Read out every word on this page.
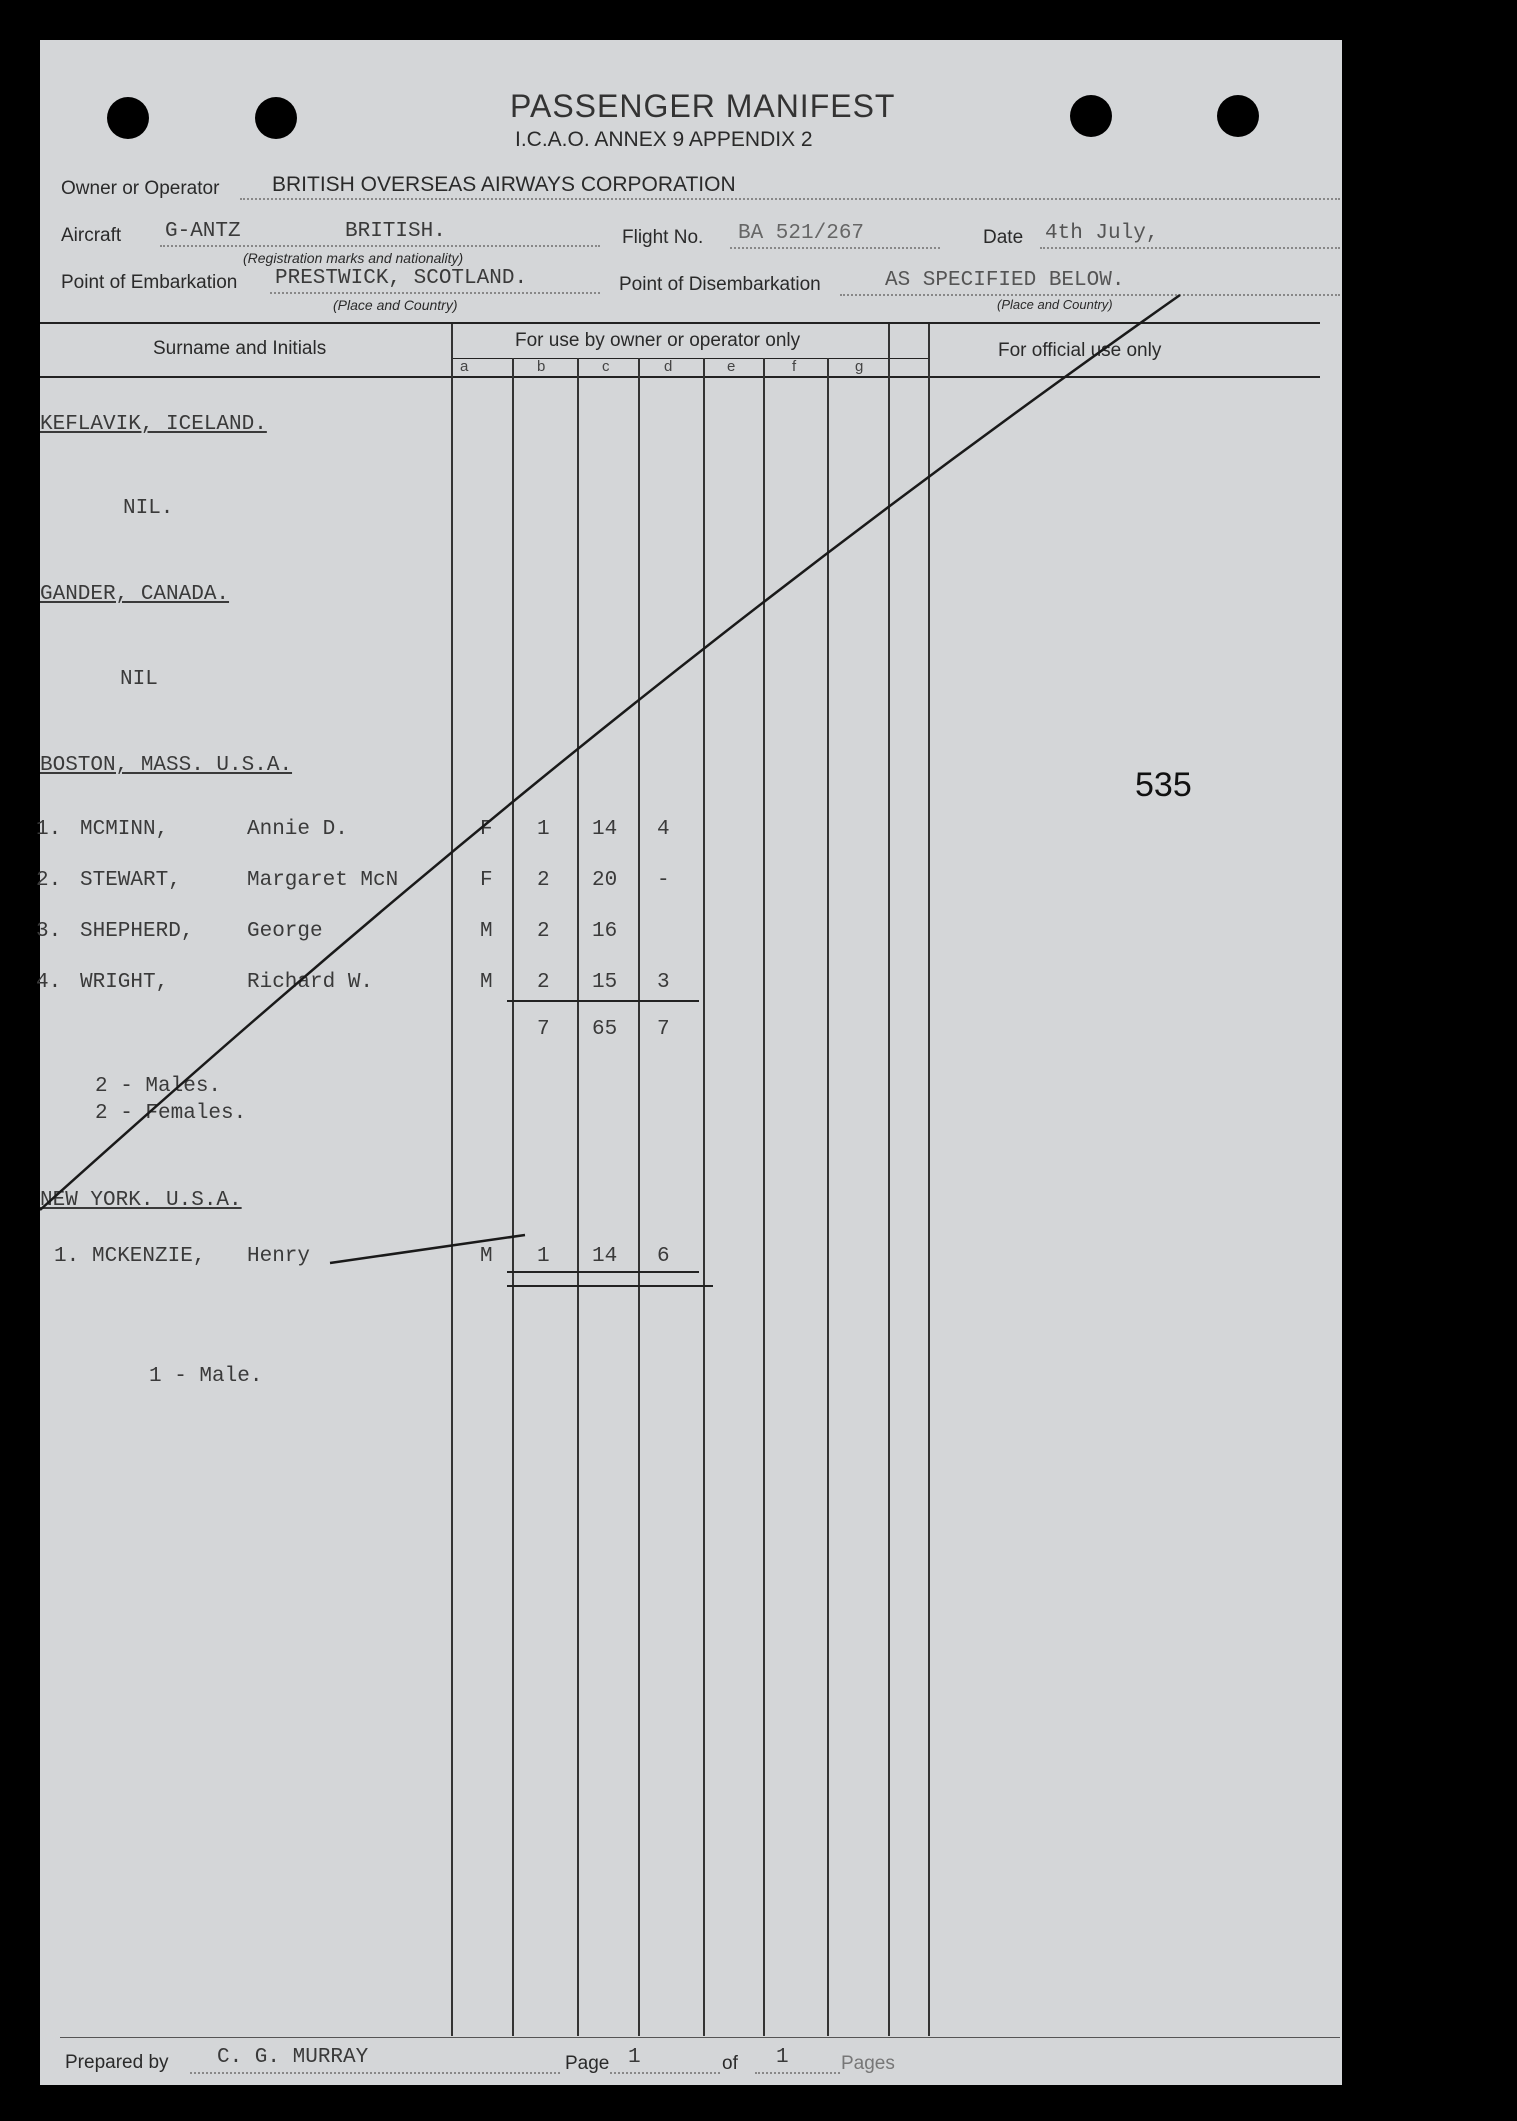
PASSENGER MANIFEST
I.C.A.O. ANNEX 9 APPENDIX 2
Owner or Operator	BRITISH OVERSEAS AIRWAYS CORPORATION
Aircraft G-ANTZ	BRITISH.
(Registration marks and nationality)
Flight No. BA 521/267	Date 4th July,
Point of Embarkation PRESTWICK, SCOTLAND.
(Place and Country)
Point of Disembarkation	AS SPECIFIED BELOW.
(Place and Country)
Surname and Initials	For use by owner or operator only	For official use only
a	b	c	d	e	f	g
KEFLAVIK, ICELAND.
NIL.
GANDER, CANADA.
NIL
BOSTON, MASS. U.S.A.
1. MCMINN,	Annie D.	F 1 14 4
2. STEWART,	Margaret McN	F 2 20 -
3. SHEPHERD,	George	M 2 16
4. WRIGHT,	Richard W.	M 2 15 3
7 65 7
2 - Males.
2 - Females.
NEW YORK. U.S.A.
1. MCKENZIE, Henry	M 1 14 6
1 - Male.
535
Prepared by C. G. MURRAY	Page 1	of 1	Pages
